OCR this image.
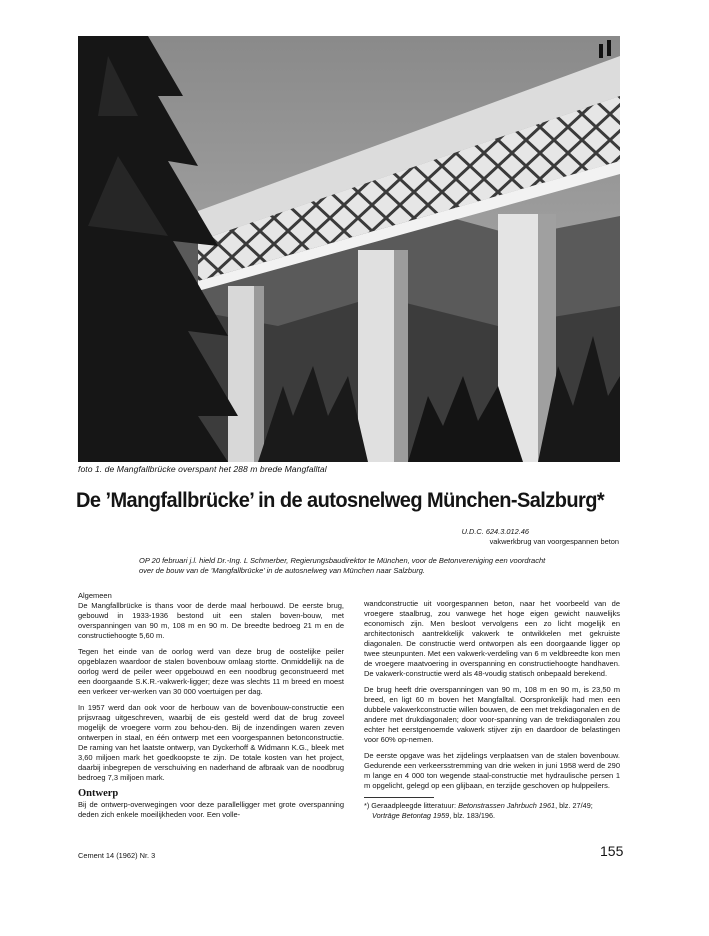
foto 1. de Mangfallbrücke overspant het 288 m brede Mangfalltal
De ’Mangfallbrücke’ in de autosnelweg München-Salzburg*
U.D.C. 624.3.012.46
vakwerkbrug van voorgespannen beton
OP 20 februari j.l. hield Dr.-Ing. L Schmerber, Regierungsbaudirektor te München, voor de Betonvereniging een voordracht
over de bouw van de ’Mangfallbrücke’ in de autosnelweg van München naar Salzburg.

Algemeen

De Mangfallbrücke is thans voor de derde maal herbouwd. De eerste brug, gebouwd in 1933-1936 bestond uit een stalen boven-bouw, met overspanningen van 90 m, 108 m en 90 m. De breedte bedroeg 21 m en de constructiehoogte 5,60 m.

Tegen het einde van de oorlog werd van deze brug de oostelijke peiler opgeblazen waardoor de stalen bovenbouw omlaag stortte. Onmiddellijk na de oorlog werd de peiler weer opgebouwd en een noodbrug geconstrueerd met een doorgaande S.K.R.-vakwerk-ligger; deze was slechts 11 m breed en moest een verkeer ver-werken van 30 000 voertuigen per dag.

In 1957 werd dan ook voor de herbouw van de bovenbouw-constructie een prijsvraag uitgeschreven, waarbij de eis gesteld werd dat de brug zoveel mogelijk de vroegere vorm zou behou-den. Bij de inzendingen waren zeven ontwerpen in staal, en één ontwerp met een voorgespannen betonconstructie. De raming van het laatste ontwerp, van Dyckerhoff & Widmann K.G., bleek met 3,60 miljoen mark het goedkoopste te zijn. De totale kosten van het project, daarbij inbegrepen de verschuiving en naderhand de afbraak van de noodbrug bedroeg 7,3 miljoen mark.

Ontwerp

Bij de ontwerp-overwegingen voor deze parallelligger met grote overspanning deden zich enkele moeilijkheden voor. Een volle-

wandconstructie uit voorgespannen beton, naar het voorbeeld van de vroegere staalbrug, zou vanwege het hoge eigen gewicht nauwelijks economisch zijn. Men besloot vervolgens een zo licht mogelijk en architectonisch aantrekkelijk vakwerk te ontwikkelen met gekruiste diagonalen. De constructie werd ontworpen als een doorgaande ligger op twee steunpunten. Met een vakwerk-verdeling van 6 m veldbreedte kon men de vroegere maatvoering in overspanning en constructiehoogte handhaven. De vakwerk-constructie werd als 48-voudig statisch onbepaald berekend.

De brug heeft drie overspanningen van 90 m, 108 m en 90 m, is 23,50 m breed, en ligt 60 m boven het Mangfalltal. Oorspronkelijk had men een dubbele vakwerkconstructie willen bouwen, de een met trekdiagonalen en de andere met drukdiagonalen; door voor-spanning van de trekdiagonalen zou echter het eerstgenoemde vakwerk stijver zijn en daardoor de belastingen voor 60% op-nemen.

De eerste opgave was het zijdelings verplaatsen van de stalen bovenbouw. Gedurende een verkeersstremming van drie weken in juni 1958 werd de 290 m lange en 4 000 ton wegende staal-constructie met hydraulische persen 1 m opgelicht, gelegd op een glijbaan, en terzijde geschoven op hulppeilers.

*) Geraadpleegde litteratuur: Betonstrassen Jahrbuch 1961, blz. 27/49;
Vorträge Betontag 1959, blz. 183/196.
Cement 14 (1962) Nr. 3	155
